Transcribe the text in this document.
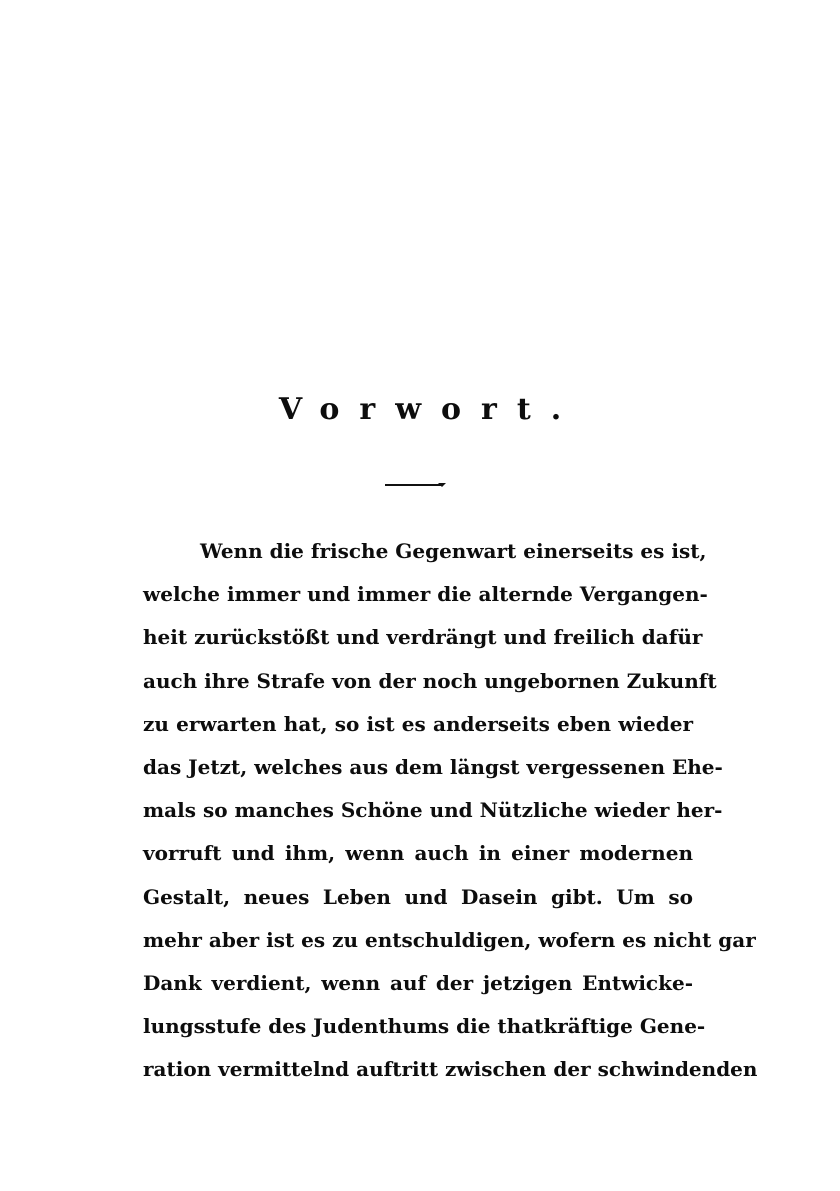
Vorwort.
Wenn die frische Gegenwart einerseits es ist,
welche immer und immer die alternde Vergangen-
heit zurückstößt und verdrängt und freilich dafür
auch ihre Strafe von der noch ungebornen Zukunft
zu erwarten hat, so ist es anderseits eben wieder
das Jetzt, welches aus dem längst vergessenen Ehe-
mals so manches Schöne und Nützliche wieder her-
vorruft und ihm, wenn auch in einer modernen
Gestalt, neues Leben und Dasein gibt. Um so
mehr aber ist es zu entschuldigen, wofern es nicht gar
Dank verdient, wenn auf der jetzigen Entwicke-
lungsstufe des Judenthums die thatkräftige Gene-
ration vermittelnd auftritt zwischen der schwindenden
